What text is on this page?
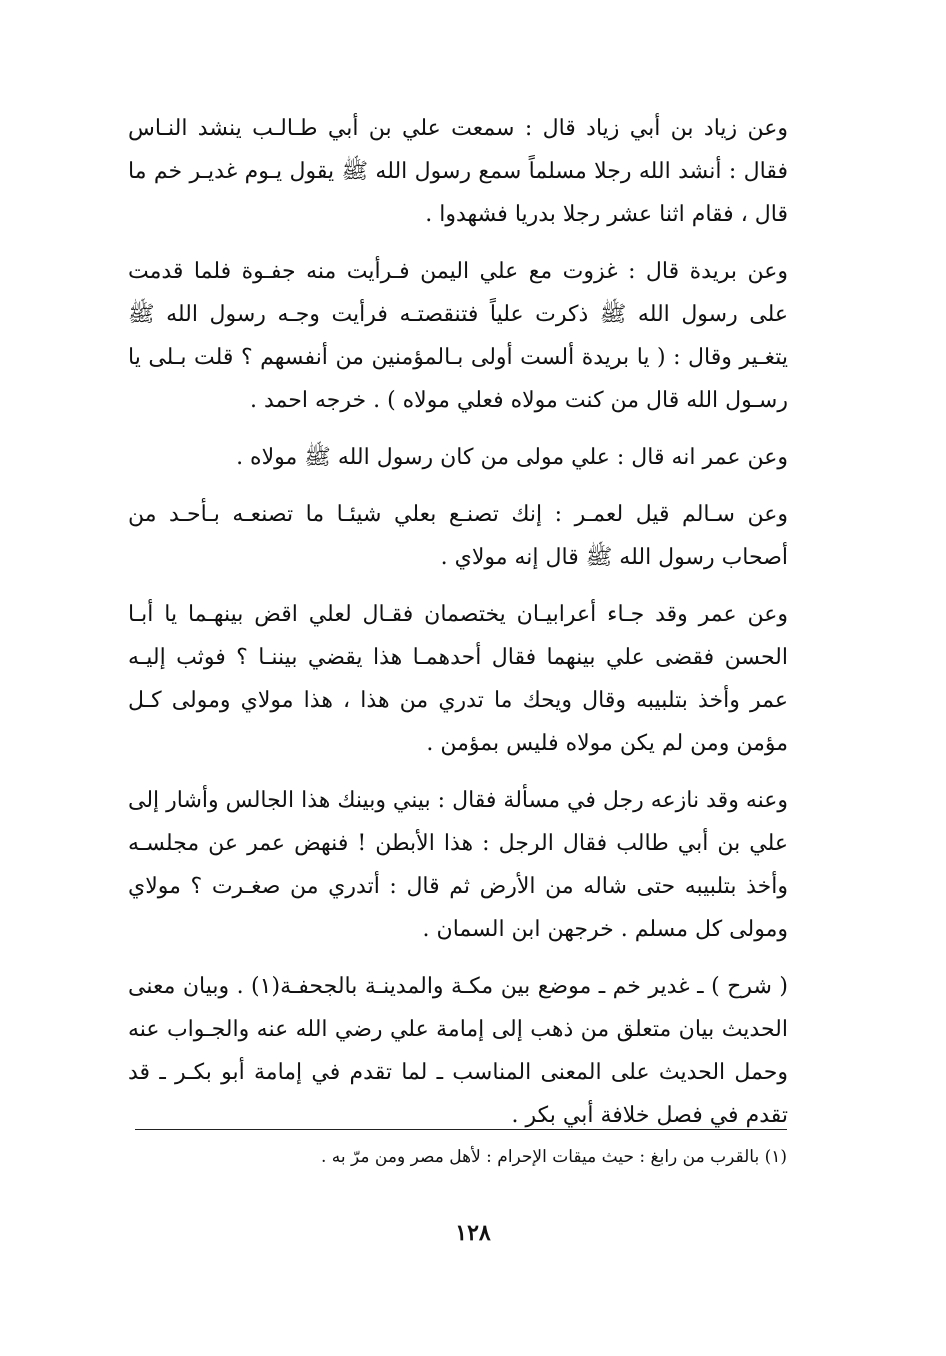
وعن زياد بن أبي زياد قال : سمعت علي بن أبي طـالـب ينشد النـاس فقال : أنشد الله رجلا مسلماً سمع رسول الله ﷺ يقول يـوم غديـر خم ما قال ، فقام اثنا عشر رجلا بدريا فشهدوا .

وعن بريدة قال : غزوت مع علي اليمن فـرأيت منه جفـوة فلما قدمت على رسول الله ﷺ ذكرت علياً فتنقصتـه فرأيت وجـه رسول الله ﷺ يتغـير وقال : ( يا بريدة ألست أولى بـالمؤمنين من أنفسهم ؟ قلت بـلى يا رسـول الله قال من كنت مولاه فعلي مولاه ) . خرجه احمد .

وعن عمر انه قال : علي مولى من كان رسول الله ﷺ مولاه .

وعن سـالم قيل لعمـر : إنك تصنـع بعلي شيئـا ما تصنعـه بـأحـد من أصحاب رسول الله ﷺ قال إنه مولاي .

وعن عمر وقد جـاء أعرابيـان يختصمان فقـال لعلي اقض بينهـما يا أبـا الحسن فقضى علي بينهما فقال أحدهمـا هذا يقضي بيننـا ؟ فوثب إليـه عمر وأخذ بتلبيبه وقال ويحك ما تدري من هذا ، هذا مولاي ومولى كـل مؤمن ومن لم يكن مولاه فليس بمؤمن .

وعنه وقد نازعه رجل في مسألة فقال : بيني وبينك هذا الجالس وأشار إلى علي بن أبي طالب فقال الرجل : هذا الأبطن ! فنهض عمر عن مجلسـه وأخذ بتلبيبه حتى شاله من الأرض ثم قال : أتدري من صغـرت ؟ مولاي ومولى كل مسلم . خرجهن ابن السمان .

( شرح ) ـ غدير خم ـ موضع بين مكـة والمدينـة بالجحفـة(١) . وبيان معنى الحديث بيان متعلق من ذهب إلى إمامة علي رضي الله عنه والجـواب عنه وحمل الحديث على المعنى المناسب ـ لما تقدم في إمامة أبو بكـر ـ قد تقدم في فصل خلافة أبي بكر .

(١) بالقرب من رابغ : حيث ميقات الإحرام : لأهل مصر ومن مرّ به .
١٢٨
